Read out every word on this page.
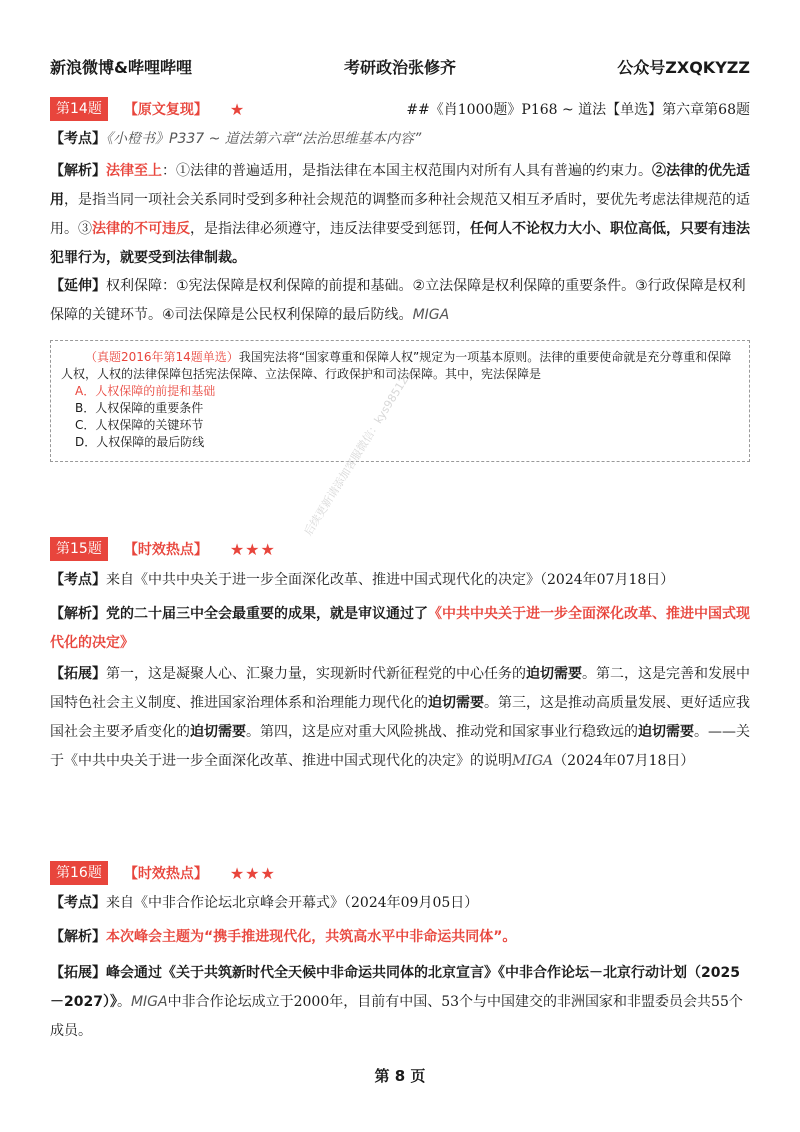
新浪微博&哔哩哔哩	考研政治张修齐	公众号ZXQKYZZ
第14题	【原文复现】 ★	##《肖1000题》P168 ~ 道法【单选】第六章第68题
【考点】《小橙书》P337 ~ 道法第六章“法治思维基本内容”
【解析】法律至上：①法律的普遍适用，是指法律在本国主权范围内对所有人具有普遍的约束力。②法律的优先适用，是指当同一项社会关系同时受到多种社会规范的调整而多种社会规范又相互矛盾时，要优先考虑法律规范的适用。③法律的不可违反，是指法律必须遵守，违反法律要受到惩罚，任何人不论权力大小、职位高低，只要有违法犯罪行为，就要受到法律制裁。
【延伸】权利保障：①宪法保障是权利保障的前提和基础。②立法保障是权利保障的重要条件。③行政保障是权利保障的关键环节。④司法保障是公民权利保障的最后防线。MIGA
（真题2016年第14题单选）我国宪法将“国家尊重和保障人权”规定为一项基本原则。法律的重要使命就是充分尊重和保障人权，人权的法律保障包括宪法保障、立法保障、行政保护和司法保障。其中，宪法保障是
A．人权保障的前提和基础
B．人权保障的重要条件
C．人权保障的关键环节
D．人权保障的最后防线	后续更新请添加客服微信：kys985121
第15题	【时效热点】 ★★★
【考点】来自《中共中央关于进一步全面深化改革、推进中国式现代化的决定》（2024年07月18日）
【解析】党的二十届三中全会最重要的成果，就是审议通过了《中共中央关于进一步全面深化改革、推进中国式现代化的决定》
【拓展】第一，这是凝聚人心、汇聚力量，实现新时代新征程党的中心任务的迫切需要。第二，这是完善和发展中国特色社会主义制度、推进国家治理体系和治理能力现代化的迫切需要。第三，这是推动高质量发展、更好适应我国社会主要矛盾变化的迫切需要。第四，这是应对重大风险挑战、推动党和国家事业行稳致远的迫切需要。——关于《中共中央关于进一步全面深化改革、推进中国式现代化的决定》的说明MIGA（2024年07月18日）
第16题	【时效热点】 ★★★
【考点】来自《中非合作论坛北京峰会开幕式》（2024年09月05日）
【解析】本次峰会主题为“携手推进现代化，共筑高水平中非命运共同体”。
【拓展】峰会通过《关于共筑新时代全天候中非命运共同体的北京宣言》《中非合作论坛－北京行动计划（2025－2027）》。MIGA中非合作论坛成立于2000年，目前有中国、53个与中国建交的非洲国家和非盟委员会共55个成员。
第 8 页
